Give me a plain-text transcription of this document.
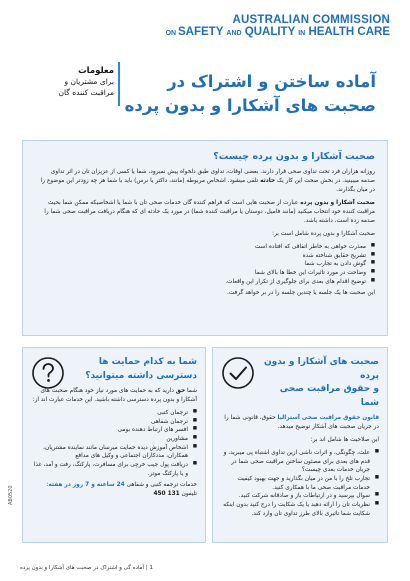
AUSTRALIAN COMMISSION
ON SAFETY AND QUALITY IN HEALTH CARE
معلومات
برای مشتریان و
مراقبت کننده گان
آماده ساختن و اشتراک در
صحبت های آشکارا و بدون پرده
صحبت آشکارا و بدون پرده چیست؟
روزانه هزاران فرد تحت تداوی صحی قرار دارند. بعضی اوقات، تداوی طبق دلخواه پیش نمیرود، شما یا کسی از عزیزان تان در اثر تداوی صدمه میبینید. در بخش صحت این کار یک حادثه تلقی میشود. اشخاص مربوطه (مانند، داکتر یا نرس) باید با شما هر چه زودتر این موضوع را در میان بگذارند.
صحبت آشکارا و بدون پرده عبارت از صحبت هایی است که فراهم کننده گان خدمات صحی تان با شما یا اشخاصیکه ممکن شما بحیث مراقبت کننده خود انتخاب میکنید (مانند فامیل، دوستان یا مراقبت کننده شما) در مورد یک حادثه ای که هنگام دریافت مراقبت صحی شما را صدمه زده است، داشته باشد.
صحبت آشکارا و بدون پرده شامل است بر:
■ معذرت خواهی به خاطر اتفاقی که افتاده است
■ تشریح حقایق شناخته شده
■ گوش دادن به تجارب شما
■ وضاحت در مورد تاثیرات این خطا ها بالای شما
■ توضیح اقدام های بعدی برای جلوگیری از تکرار این واقعات.
این صحبت ها یک جلسه یا چندین جلسه را در بر خواهد گرفت.
شما به کدام حمایت ها
دسترسی داشته میتوانید؟
شما حق دارید که به حمایت های مورد نیاز خود هنگام صحبت های آشکارا و بدون پرده دسترسی داشته باشید. این خدمات عبارت اند از:
■ ترجمان کتبی
■ ترجمان شفاهی
■ افسر های ارتباط دهنده بومی
■ مشاورین
■ اشخاص آموزش دیده حمایت میرسان مانند نماینده مشتریان، همکاران، مددکاران اجتماعی و وکیل های مدافع
■ دریافت پول جیب خرچی برای مسافرت، پارکنگ، رفت و آمد، غذا و یا پارکنگ موتر.
خدمات ترجمه کتبی و شفاهی 24 ساعته و 7 روز در هفته: تلیفون 131 450
صحبت های آشکارا و بدون پرده
و حقوق مراقبت صحی شما
قانون حقوق مراقبت صحی آسترالیا حقوق، قانونی شما را در جریان صحبت های آشکار توضیح میدهد.
این صلاحیت ها شامل اند بر:
■ علت، چگونگی، و اثرات ناشی ازین تداوی اشتباه پی میبرید، و قدم های بعدی برای مصئون ساختن مراقبت صحی شما در جریان خدمات بعدی چیست؟
■ تجارب تلخ را با من در میان بگذارید و جهت بهبود کیفیت خدمات مراقبت صحی ما با همکاری کنید.
■ سوال بپرسید و در ارتباطات باز و صادقانه شرکت کنید.
■ نظریات تان را ارائه دهید یا یک شکایت را درج کنید بدون اینکه شکایت شما تاثیری بالای طرز تداوی تان وارد کند.
AB0520
1 | آماده گی و اشتراک در صحبت های آشکارا و بدون پرده
